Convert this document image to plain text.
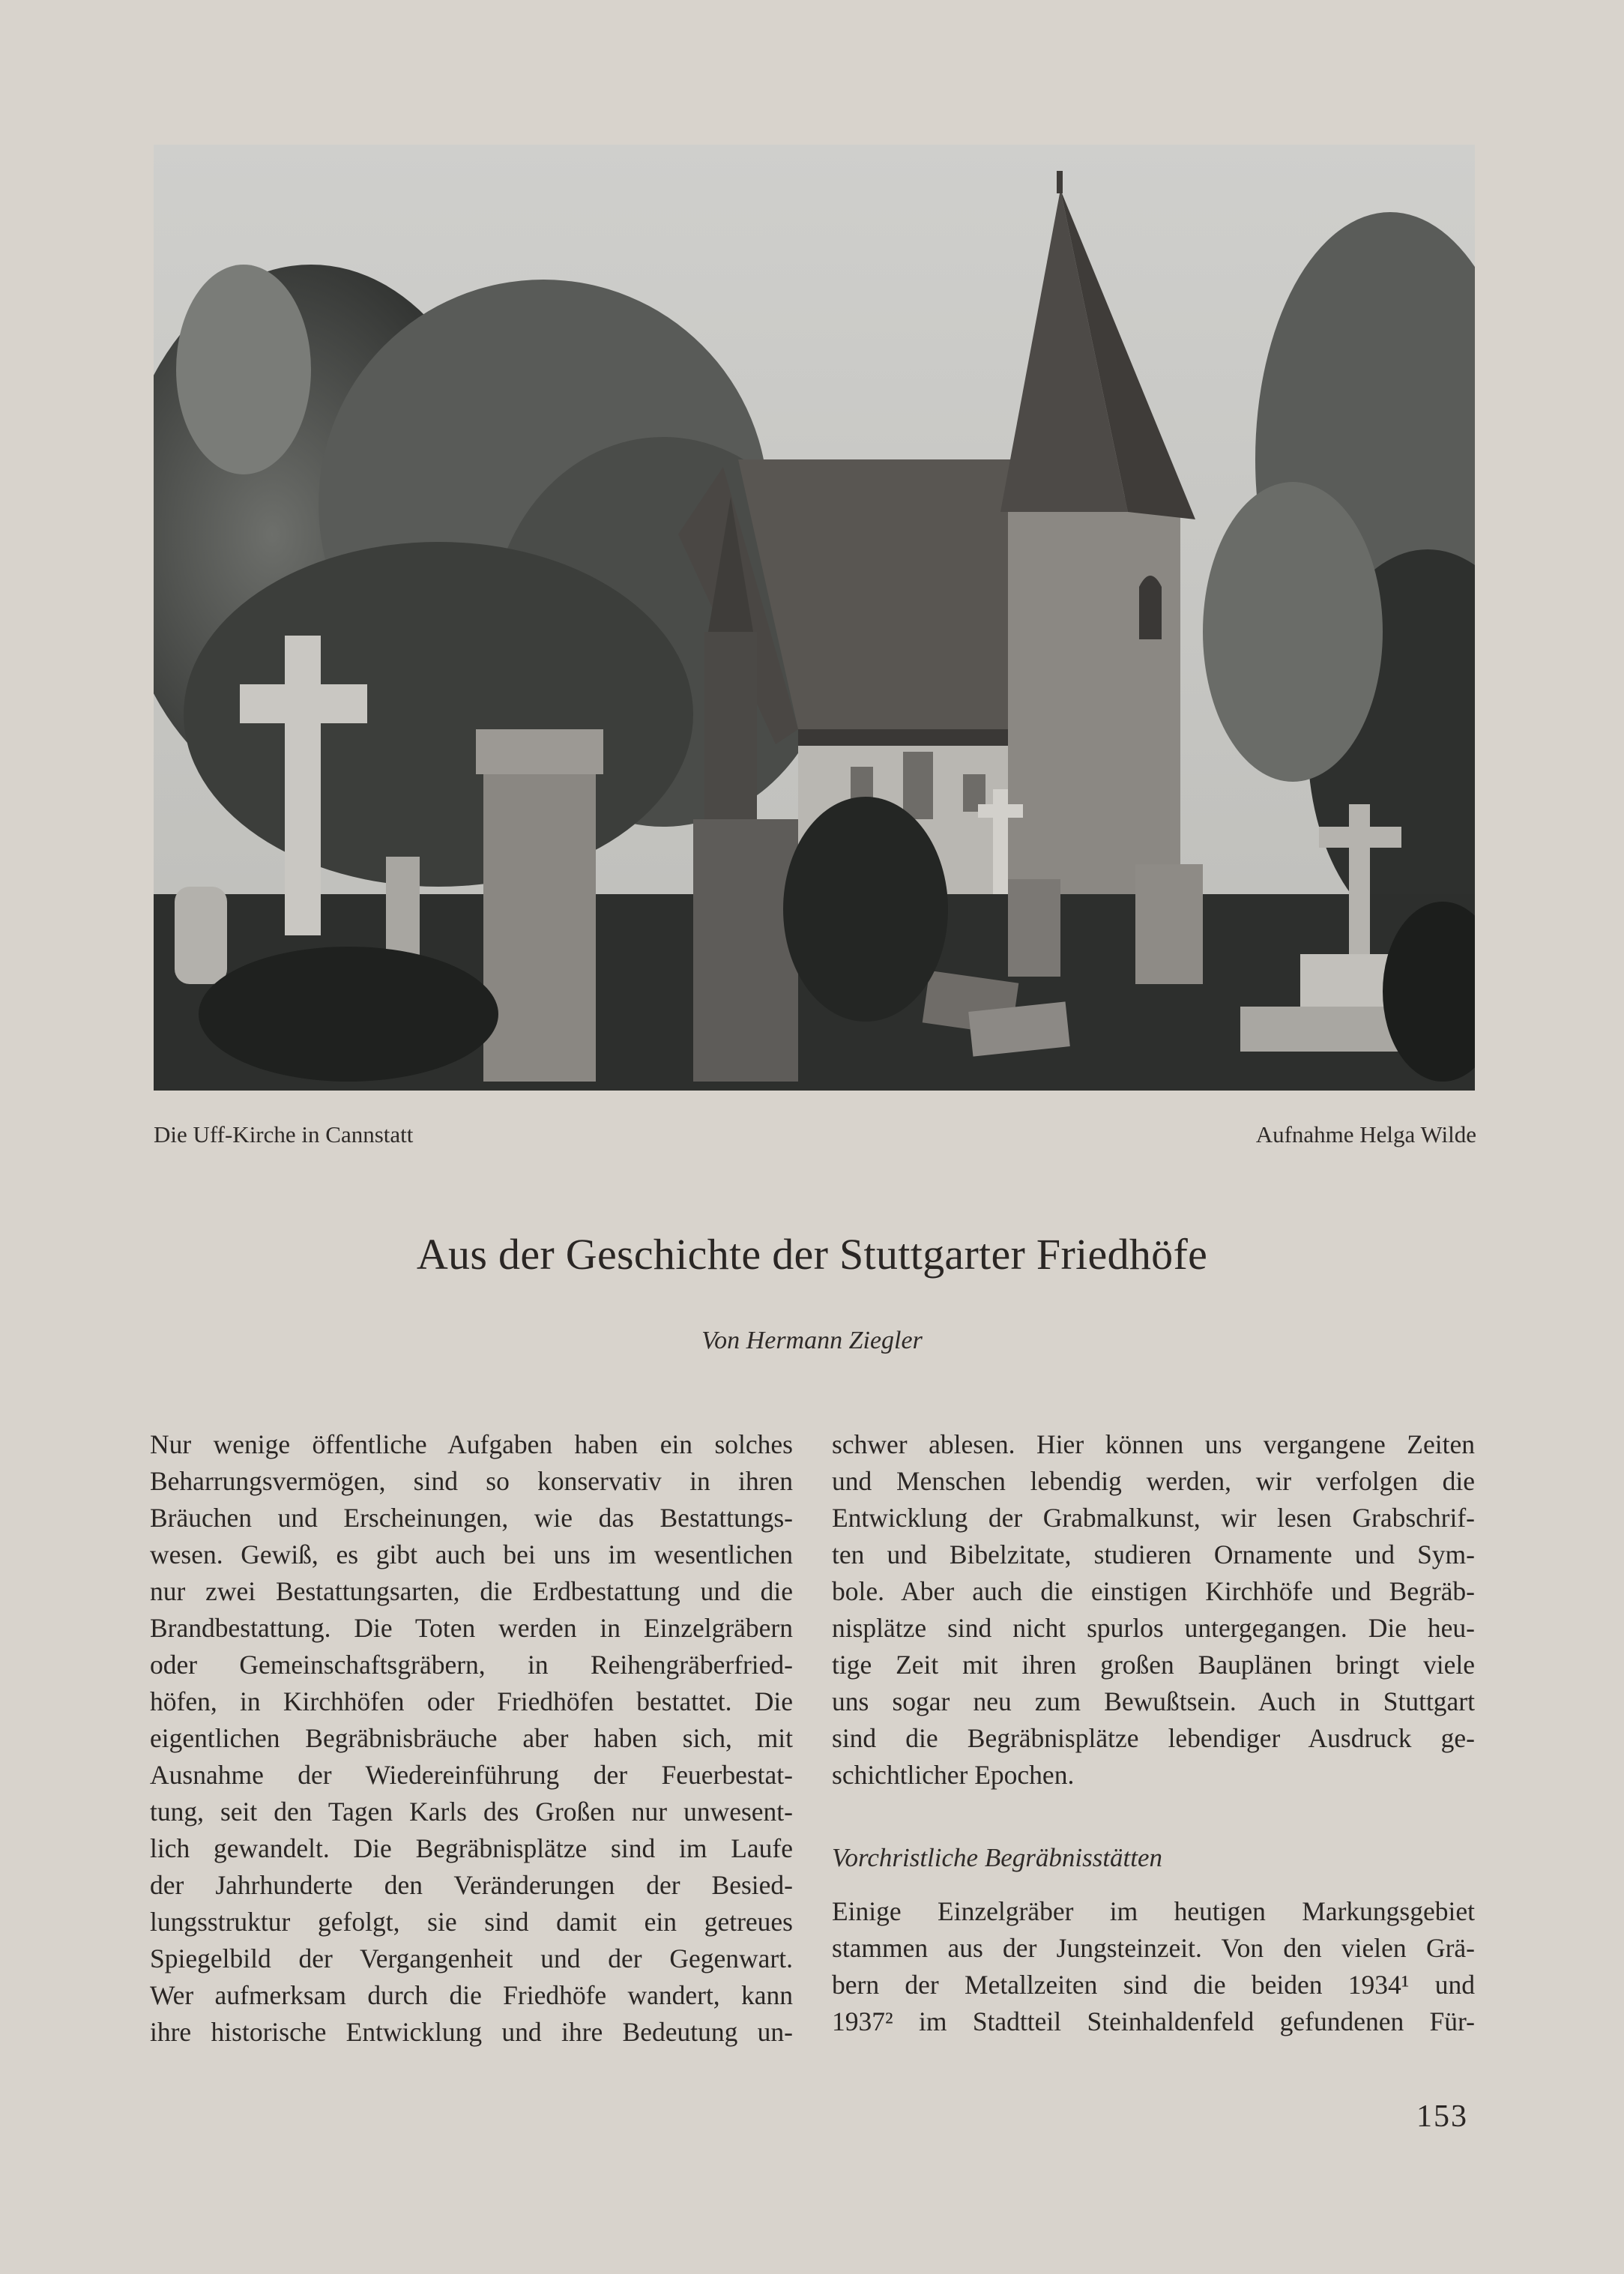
Die Uff-Kirche in Cannstatt	Aufnahme Helga Wilde
Aus der Geschichte der Stuttgarter Friedhöfe
Von Hermann Ziegler
Nur wenige öffentliche Aufgaben haben ein solches
Beharrungsvermögen, sind so konservativ in ihren
Bräuchen und Erscheinungen, wie das Bestattungs-
wesen. Gewiß, es gibt auch bei uns im wesentlichen
nur zwei Bestattungsarten, die Erdbestattung und die
Brandbestattung. Die Toten werden in Einzelgräbern
oder Gemeinschaftsgräbern, in Reihengräberfried-
höfen, in Kirchhöfen oder Friedhöfen bestattet. Die
eigentlichen Begräbnisbräuche aber haben sich, mit
Ausnahme der Wiedereinführung der Feuerbestat-
tung, seit den Tagen Karls des Großen nur unwesent-
lich gewandelt. Die Begräbnisplätze sind im Laufe
der Jahrhunderte den Veränderungen der Besied-
lungsstruktur gefolgt, sie sind damit ein getreues
Spiegelbild der Vergangenheit und der Gegenwart.
Wer aufmerksam durch die Friedhöfe wandert, kann
ihre historische Entwicklung und ihre Bedeutung un-
schwer ablesen. Hier können uns vergangene Zeiten
und Menschen lebendig werden, wir verfolgen die
Entwicklung der Grabmalkunst, wir lesen Grabschrif-
ten und Bibelzitate, studieren Ornamente und Sym-
bole. Aber auch die einstigen Kirchhöfe und Begräb-
nisplätze sind nicht spurlos untergegangen. Die heu-
tige Zeit mit ihren großen Bauplänen bringt viele
uns sogar neu zum Bewußtsein. Auch in Stuttgart
sind die Begräbnisplätze lebendiger Ausdruck ge-
schichtlicher Epochen.
Vorchristliche Begräbnisstätten
Einige Einzelgräber im heutigen Markungsgebiet
stammen aus der Jungsteinzeit. Von den vielen Grä-
bern der Metallzeiten sind die beiden 1934¹ und
1937² im Stadtteil Steinhaldenfeld gefundenen Für-
153
